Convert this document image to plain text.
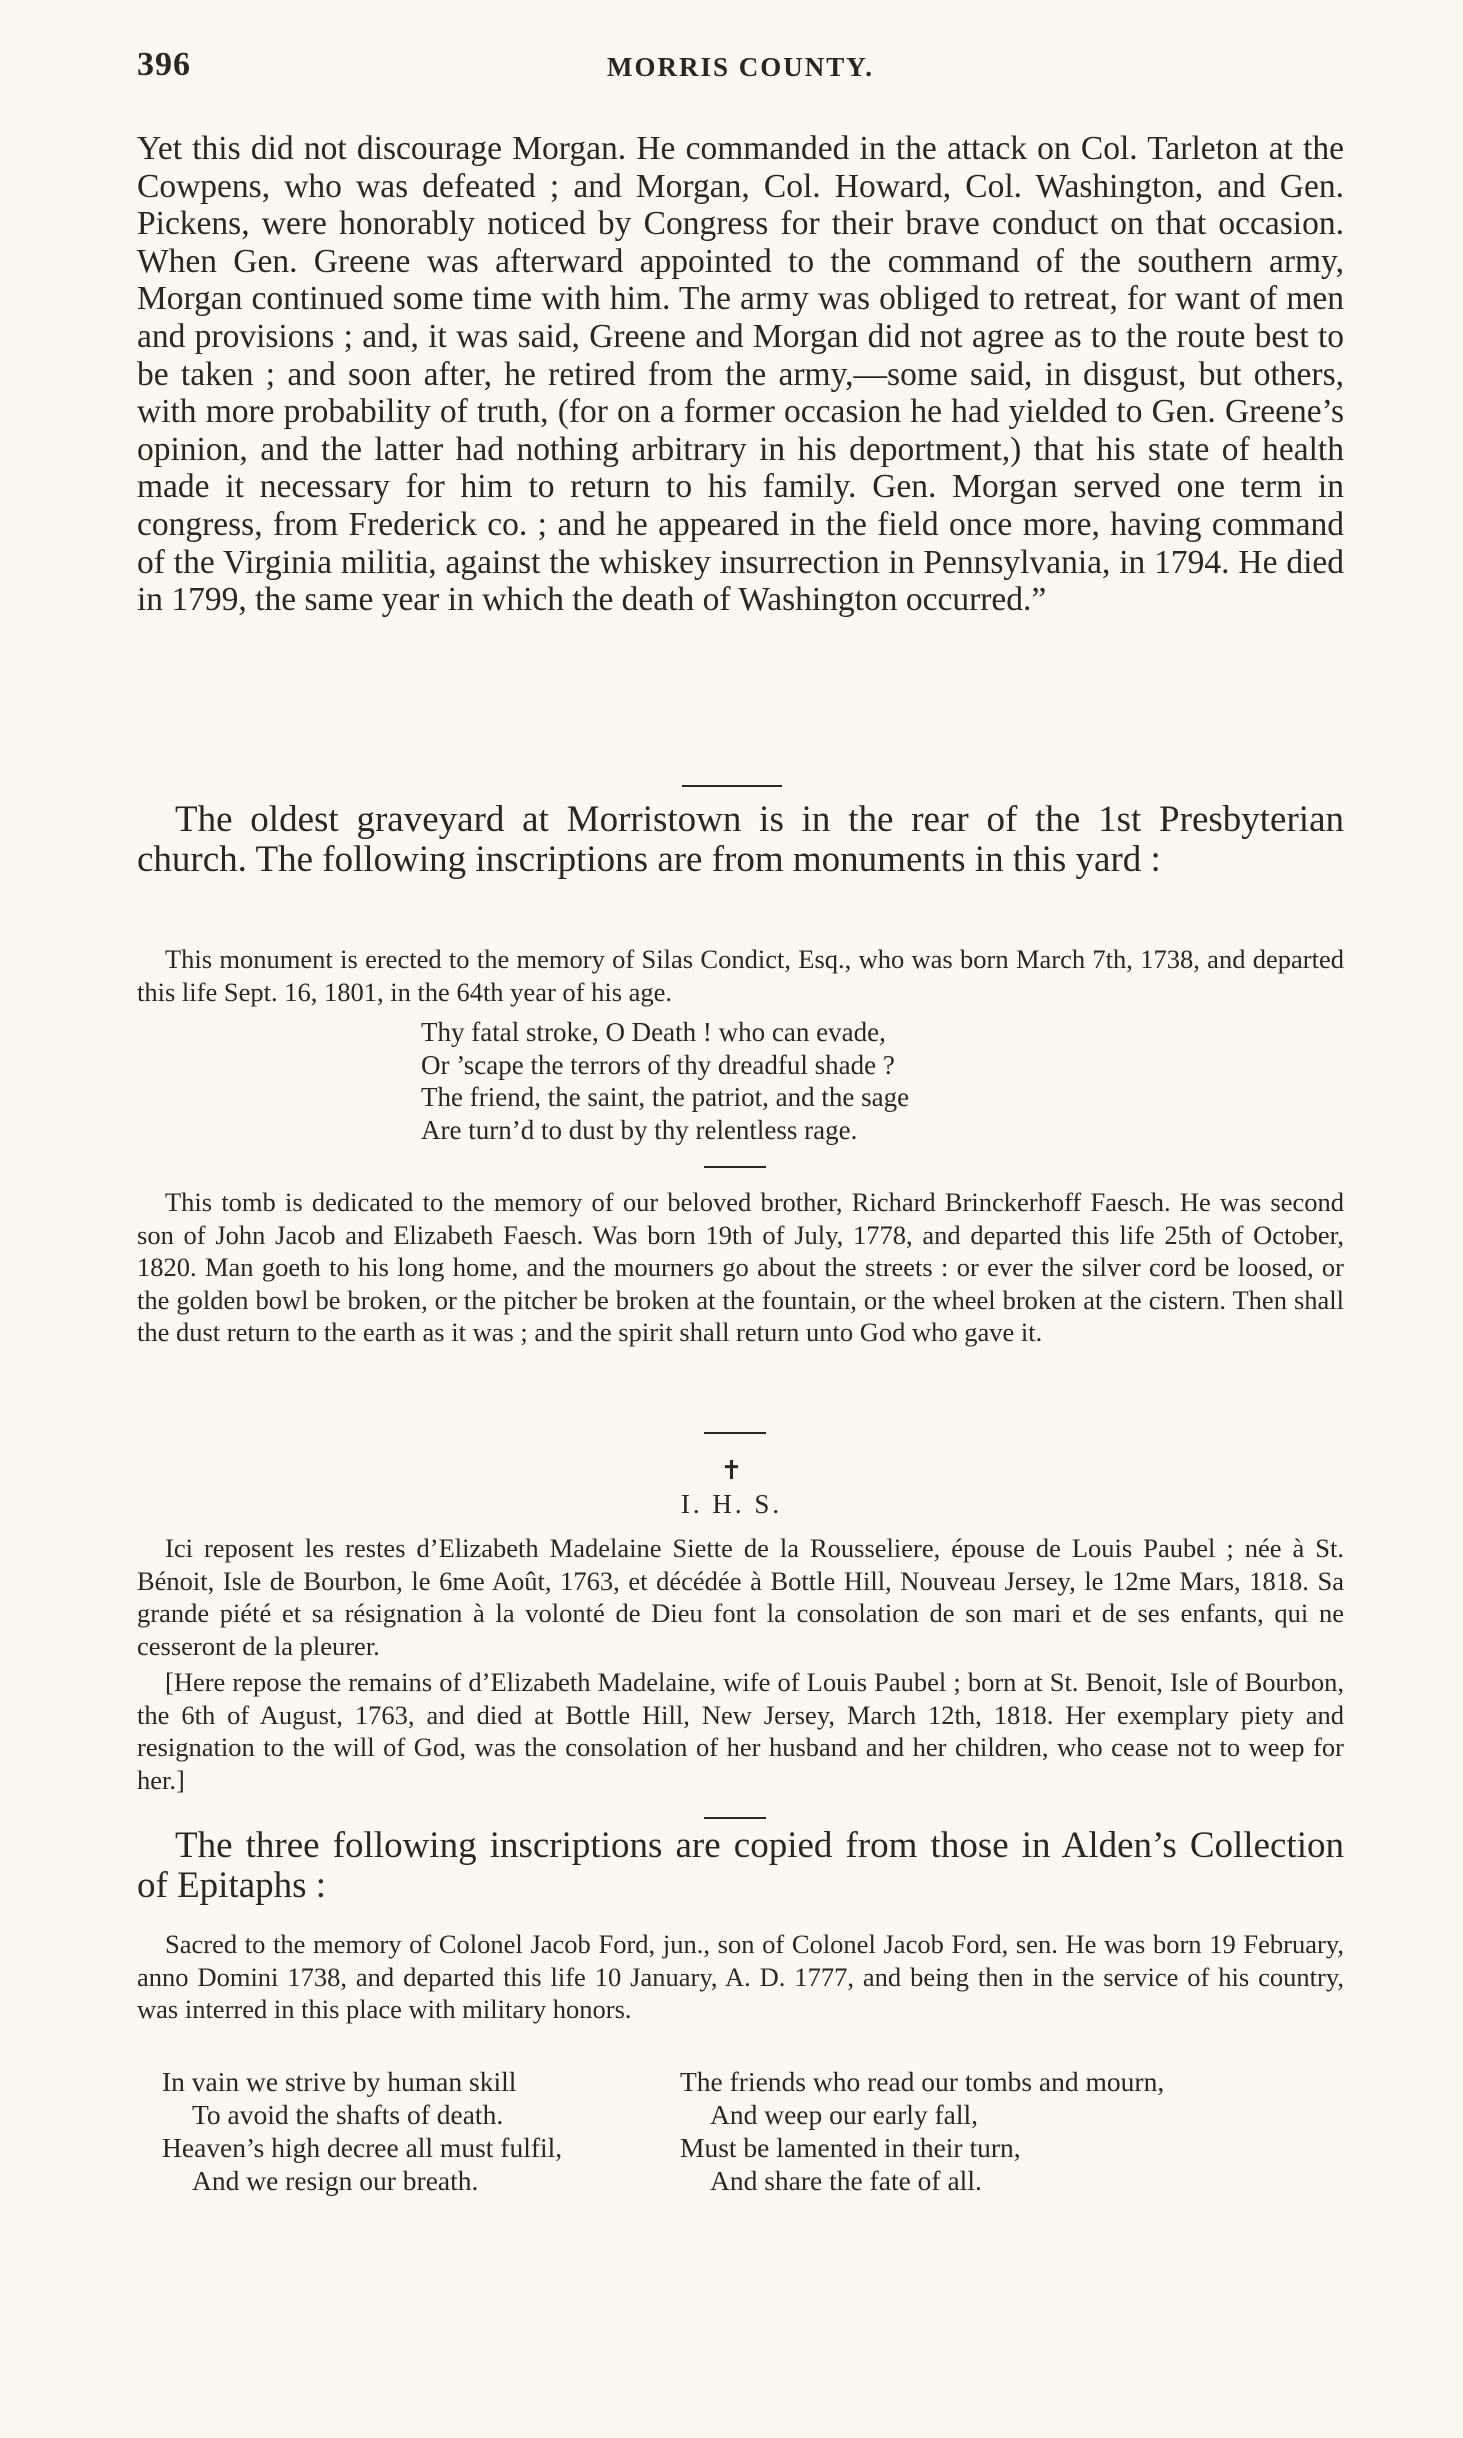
396	MORRIS COUNTY.

Yet this did not discourage Morgan. He commanded in the attack on Col. Tarleton at the Cowpens, who was defeated ; and Morgan, Col. Howard, Col. Washington, and Gen. Pickens, were honorably noticed by Congress for their brave conduct on that occasion. When Gen. Greene was afterward appointed to the command of the southern army, Morgan continued some time with him. The army was obliged to retreat, for want of men and provisions ; and, it was said, Greene and Morgan did not agree as to the route best to be taken ; and soon after, he retired from the army,—some said, in disgust, but others, with more probability of truth, (for on a former occasion he had yielded to Gen. Greene’s opinion, and the latter had nothing arbitrary in his deportment,) that his state of health made it necessary for him to return to his family. Gen. Morgan served one term in congress, from Frederick co. ; and he appeared in the field once more, having command of the Virginia militia, against the whiskey insurrection in Pennsylvania, in 1794. He died in 1799, the same year in which the death of Washington occurred.”

The oldest graveyard at Morristown is in the rear of the 1st Presbyterian church. The following inscriptions are from monuments in this yard :

This monument is erected to the memory of Silas Condict, Esq., who was born March 7th, 1738, and departed this life Sept. 16, 1801, in the 64th year of his age.

Thy fatal stroke, O Death ! who can evade,
Or ’scape the terrors of thy dreadful shade ?
The friend, the saint, the patriot, and the sage
Are turn’d to dust by thy relentless rage.

This tomb is dedicated to the memory of our beloved brother, Richard Brinckerhoff Faesch. He was second son of John Jacob and Elizabeth Faesch. Was born 19th of July, 1778, and departed this life 25th of October, 1820. Man goeth to his long home, and the mourners go about the streets : or ever the silver cord be loosed, or the golden bowl be broken, or the pitcher be broken at the fountain, or the wheel broken at the cistern. Then shall the dust return to the earth as it was ; and the spirit shall return unto God who gave it.

✝
I. H. S.

Ici reposent les restes d’Elizabeth Madelaine Siette de la Rousseliere, épouse de Louis Paubel ; née à St. Bénoit, Isle de Bourbon, le 6me Août, 1763, et décédée à Bottle Hill, Nouveau Jersey, le 12me Mars, 1818. Sa grande piété et sa résignation à la volonté de Dieu font la consolation de son mari et de ses enfants, qui ne cesseront de la pleurer.

[Here repose the remains of d’Elizabeth Madelaine, wife of Louis Paubel ; born at St. Benoit, Isle of Bourbon, the 6th of August, 1763, and died at Bottle Hill, New Jersey, March 12th, 1818. Her exemplary piety and resignation to the will of God, was the consolation of her husband and her children, who cease not to weep for her.]

The three following inscriptions are copied from those in Alden’s Collection of Epitaphs :

Sacred to the memory of Colonel Jacob Ford, jun., son of Colonel Jacob Ford, sen. He was born 19 February, anno Domini 1738, and departed this life 10 January, A. D. 1777, and being then in the service of his country, was interred in this place with military honors.

In vain we strive by human skill
To avoid the shafts of death.
Heaven’s high decree all must fulfil,
And we resign our breath.
The friends who read our tombs and mourn,
And weep our early fall,
Must be lamented in their turn,
And share the fate of all.
